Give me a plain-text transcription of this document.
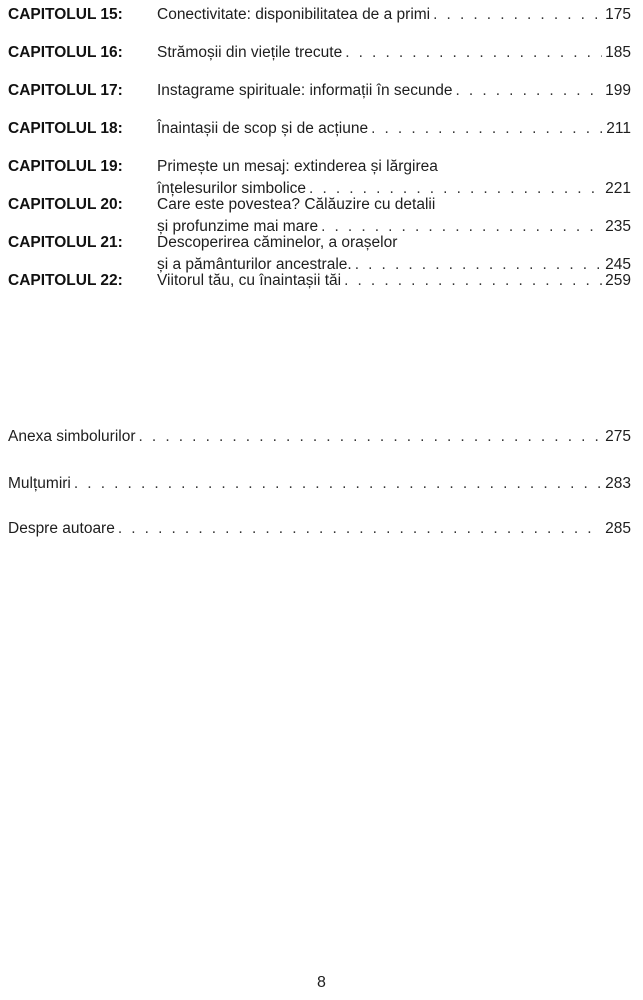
CAPITOLUL 15: Conectivitate: disponibilitatea de a primi . . .	175
CAPITOLUL 16: Strămoșii din viețile trecute . . .	185
CAPITOLUL 17: Instagrame spirituale: informații în secunde . . .	199
CAPITOLUL 18: Înaintașii de scop și de acțiune . . .	211
CAPITOLUL 19: Primește un mesaj: extinderea și lărgirea
înțelesurilor simbolice . . .	221
CAPITOLUL 20: Care este povestea? Călăuzire cu detalii
și profunzime mai mare . . .	235
CAPITOLUL 21: Descoperirea căminelor, a orașelor
și a pământurilor ancestrale. . . .	245
CAPITOLUL 22: Viitorul tău, cu înaintașii tăi . . .	259
Anexa simbolurilor . . .	275
Mulțumiri . . .	283
Despre autoare . . .	285
8
